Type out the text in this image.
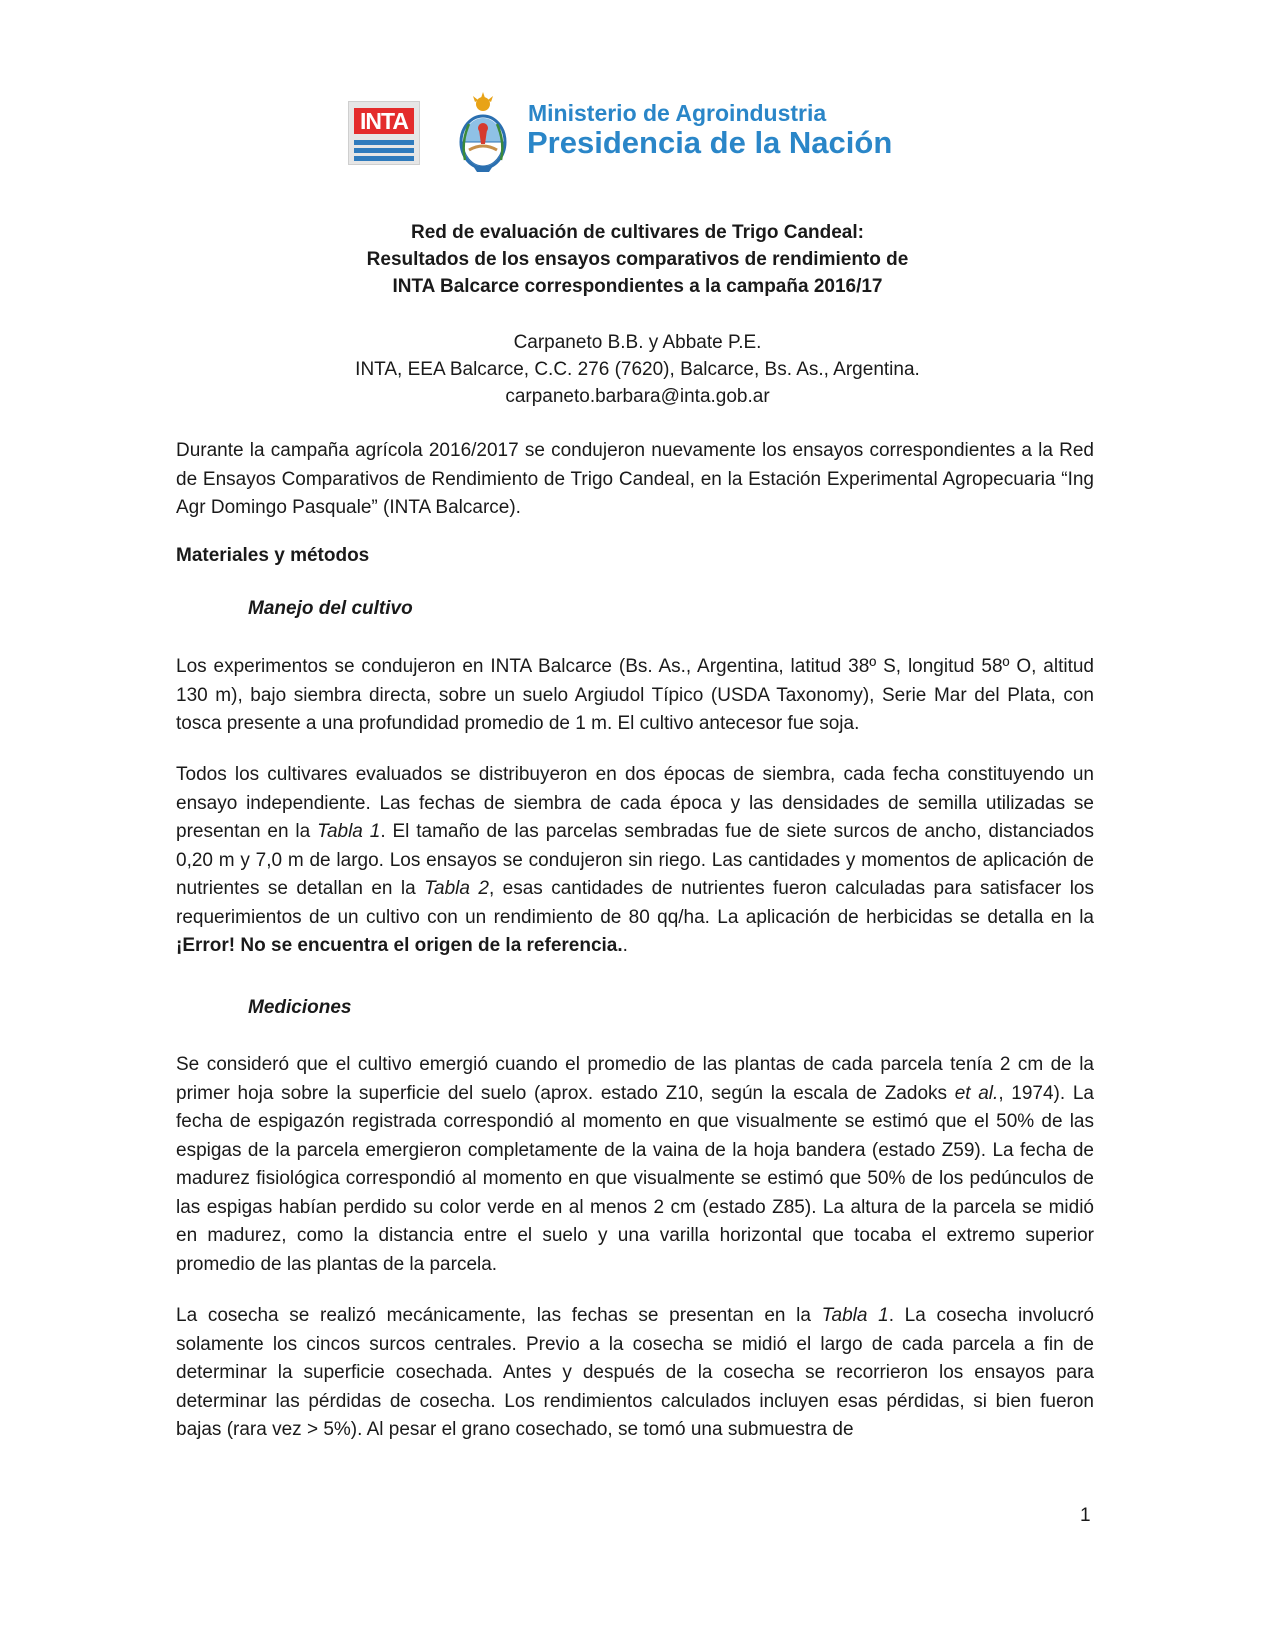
INTA	Ministerio de Agroindustria
Presidencia de la Nación
Red de evaluación de cultivares de Trigo Candeal:
Resultados de los ensayos comparativos de rendimiento de
INTA Balcarce correspondientes a la campaña 2016/17
Carpaneto B.B. y Abbate P.E.
INTA, EEA Balcarce, C.C. 276 (7620), Balcarce, Bs. As., Argentina.
carpaneto.barbara@inta.gob.ar
Durante la campaña agrícola 2016/2017 se condujeron nuevamente los ensayos correspondientes a la Red de Ensayos Comparativos de Rendimiento de Trigo Candeal, en la Estación Experimental Agropecuaria “Ing Agr Domingo Pasquale” (INTA Balcarce).
Materiales y métodos
Manejo del cultivo
Los experimentos se condujeron en INTA Balcarce (Bs. As., Argentina, latitud 38º S, longitud 58º O, altitud 130 m), bajo siembra directa, sobre un suelo Argiudol Típico (USDA Taxonomy), Serie Mar del Plata, con tosca presente a una profundidad promedio de 1 m. El cultivo antecesor fue soja.
Todos los cultivares evaluados se distribuyeron en dos épocas de siembra, cada fecha constituyendo un ensayo independiente. Las fechas de siembra de cada época y las densidades de semilla utilizadas se presentan en la Tabla 1. El tamaño de las parcelas sembradas fue de siete surcos de ancho, distanciados 0,20 m y 7,0 m de largo. Los ensayos se condujeron sin riego. Las cantidades y momentos de aplicación de nutrientes se detallan en la Tabla 2, esas cantidades de nutrientes fueron calculadas para satisfacer los requerimientos de un cultivo con un rendimiento de 80 qq/ha. La aplicación de herbicidas se detalla en la ¡Error! No se encuentra el origen de la referencia..
Mediciones
Se consideró que el cultivo emergió cuando el promedio de las plantas de cada parcela tenía 2 cm de la primer hoja sobre la superficie del suelo (aprox. estado Z10, según la escala de Zadoks et al., 1974). La fecha de espigazón registrada correspondió al momento en que visualmente se estimó que el 50% de las espigas de la parcela emergieron completamente de la vaina de la hoja bandera (estado Z59). La fecha de madurez fisiológica correspondió al momento en que visualmente se estimó que 50% de los pedúnculos de las espigas habían perdido su color verde en al menos 2 cm (estado Z85). La altura de la parcela se midió en madurez, como la distancia entre el suelo y una varilla horizontal que tocaba el extremo superior promedio de las plantas de la parcela.
La cosecha se realizó mecánicamente, las fechas se presentan en la Tabla 1. La cosecha involucró solamente los cincos surcos centrales. Previo a la cosecha se midió el largo de cada parcela a fin de determinar la superficie cosechada. Antes y después de la cosecha se recorrieron los ensayos para determinar las pérdidas de cosecha. Los rendimientos calculados incluyen esas pérdidas, si bien fueron bajas (rara vez > 5%). Al pesar el grano cosechado, se tomó una submuestra de
1
